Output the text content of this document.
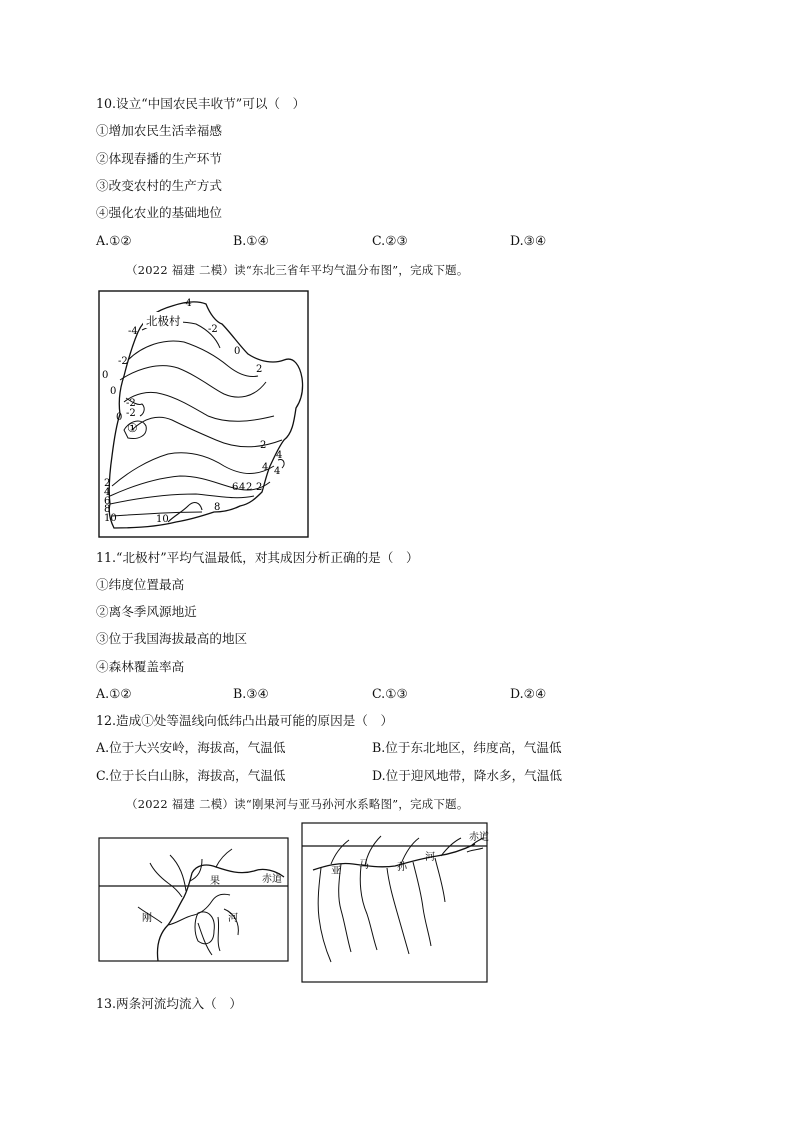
10.设立“中国农民丰收节”可以（　）
①增加农民生活幸福感
②体现春播的生产环节
③改变农村的生产方式
④强化农业的基础地位
A.①②	B.①④	C.②③	D.③④
（2022 福建 二模）读“东北三省年平均气温分布图”，完成下题。
北极村
①
-4
-4	-2
-2
0
2
0
-2
0
-2
0
2
4
4
2
4
6
8
10	10
8
6 4 2 2
4
11.“北极村”平均气温最低，对其成因分析正确的是（　）
①纬度位置最高
②离冬季风源地近
③位于我国海拔最高的地区
④森林覆盖率高
A.①②	B.③④	C.①③	D.②④
12.造成①处等温线向低纬凸出最可能的原因是（　）
A.位于大兴安岭，海拔高，气温低	B.位于东北地区，纬度高，气温低
C.位于长白山脉，海拔高，气温低	D.位于迎风地带，降水多，气温低
（2022 福建 二模）读“刚果河与亚马孙河水系略图”，完成下题。
果
刚	河
赤道
亚
马	孙
河
赤道
13.两条河流均流入（　）
